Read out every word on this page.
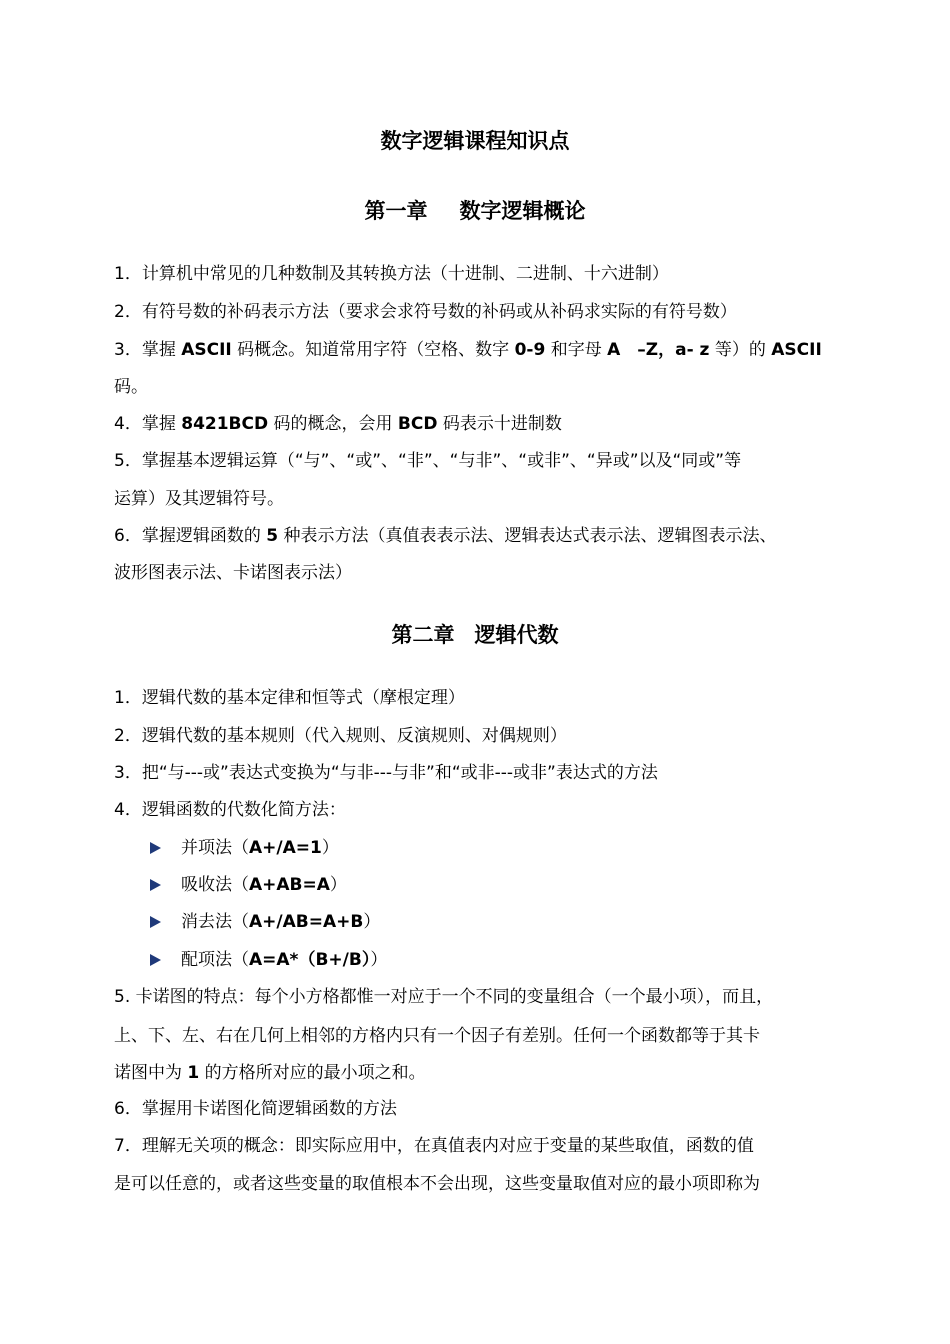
数字逻辑课程知识点
第一章 数字逻辑概论
1．计算机中常见的几种数制及其转换方法（十进制、二进制、十六进制）
2．有符号数的补码表示方法（要求会求符号数的补码或从补码求实际的有符号数）
3．掌握 ASCII 码概念。知道常用字符（空格、数字 0-9 和字母 A　–Z，a- z 等）的 ASCII
码。
4．掌握 8421BCD 码的概念，会用 BCD 码表示十进制数
5．掌握基本逻辑运算（“与”、“或”、“非”、“与非”、“或非”、“异或”以及“同或”等
运算）及其逻辑符号。
6．掌握逻辑函数的 5 种表示方法（真值表表示法、逻辑表达式表示法、逻辑图表示法、
波形图表示法、卡诺图表示法）
第二章 逻辑代数
1．逻辑代数的基本定律和恒等式（摩根定理）
2．逻辑代数的基本规则（代入规则、反演规则、对偶规则）
3．把“与---或”表达式变换为“与非---与非”和“或非---或非”表达式的方法
4．逻辑函数的代数化简方法：
并项法（A+/A=1）
吸收法（A+AB=A）
消去法（A+/AB=A+B）
配项法（A=A*（B+/B））
5. 卡诺图的特点：每个小方格都惟一对应于一个不同的变量组合（一个最小项），而且，
上、下、左、右在几何上相邻的方格内只有一个因子有差别。任何一个函数都等于其卡
诺图中为 1 的方格所对应的最小项之和。
6．掌握用卡诺图化简逻辑函数的方法
7．理解无关项的概念：即实际应用中，在真值表内对应于变量的某些取值，函数的值
是可以任意的，或者这些变量的取值根本不会出现，这些变量取值对应的最小项即称为
